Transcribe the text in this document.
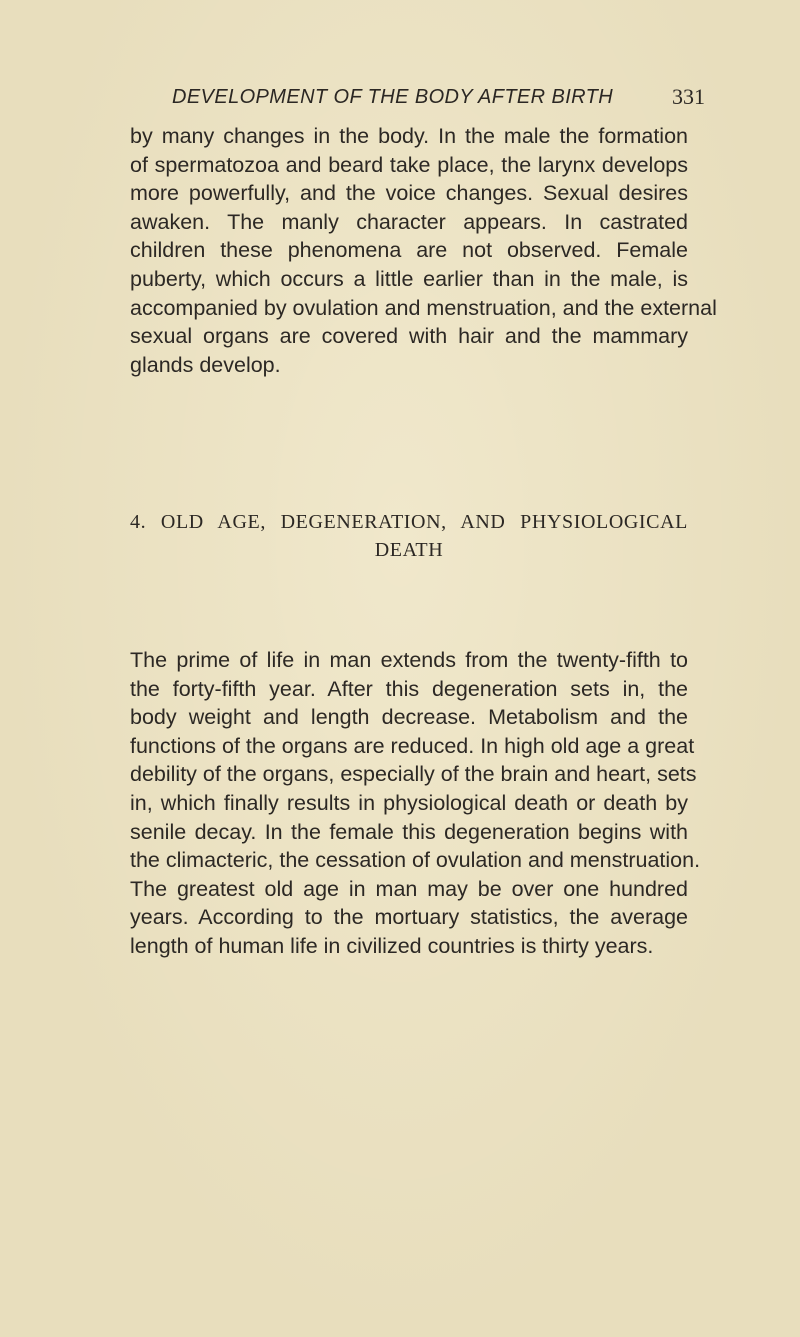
DEVELOPMENT OF THE BODY AFTER BIRTH	331
by many changes in the body. In the male the formation
of spermatozoa and beard take place, the larynx develops
more powerfully, and the voice changes. Sexual desires
awaken. The manly character appears. In castrated
children these phenomena are not observed. Female
puberty, which occurs a little earlier than in the male, is
accompanied by ovulation and menstruation, and the external
sexual organs are covered with hair and the mammary
glands develop.
4. OLD AGE, DEGENERATION, AND PHYSIOLOGICAL
DEATH
The prime of life in man extends from the twenty-fifth to
the forty-fifth year. After this degeneration sets in, the
body weight and length decrease. Metabolism and the
functions of the organs are reduced. In high old age a great
debility of the organs, especially of the brain and heart, sets
in, which finally results in physiological death or death by
senile decay. In the female this degeneration begins with
the climacteric, the cessation of ovulation and menstruation.
The greatest old age in man may be over one hundred
years. According to the mortuary statistics, the average
length of human life in civilized countries is thirty years.
